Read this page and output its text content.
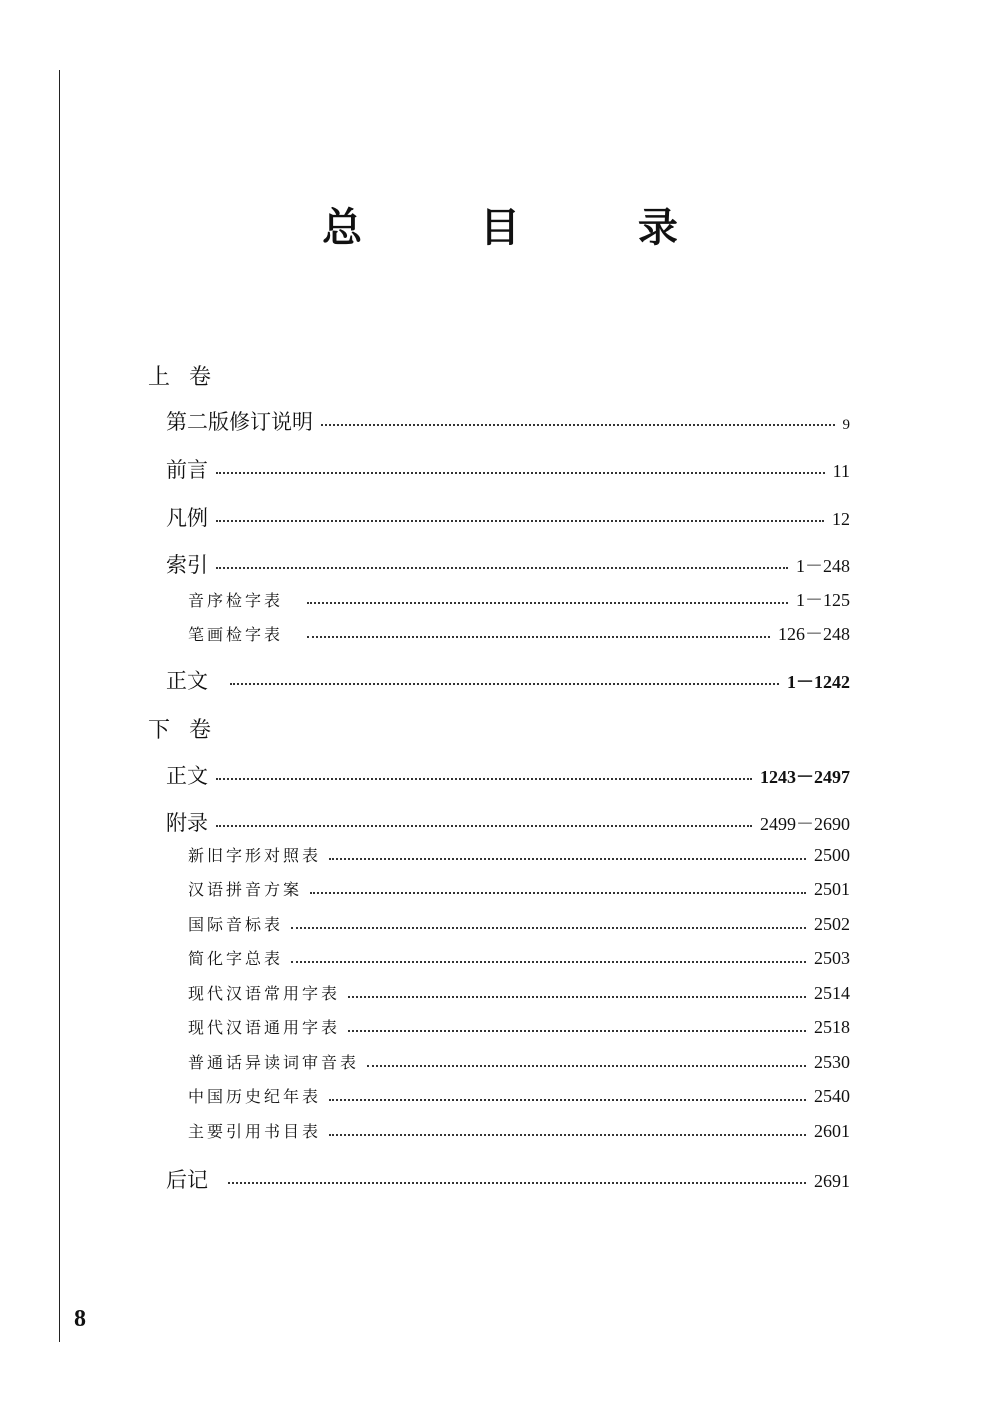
总 目 录
上 卷
第二版修订说明	9
前言	11
凡例	12
索引	1－248
音序检字表	1－125
笔画检字表	126－248
正文	1－1242
下 卷
正文	1243－2497
附录	2499－2690
新旧字形对照表	2500
汉语拼音方案	2501
国际音标表	2502
简化字总表	2503
现代汉语常用字表	2514
现代汉语通用字表	2518
普通话异读词审音表	2530
中国历史纪年表	2540
主要引用书目表	2601
后记	2691
8
